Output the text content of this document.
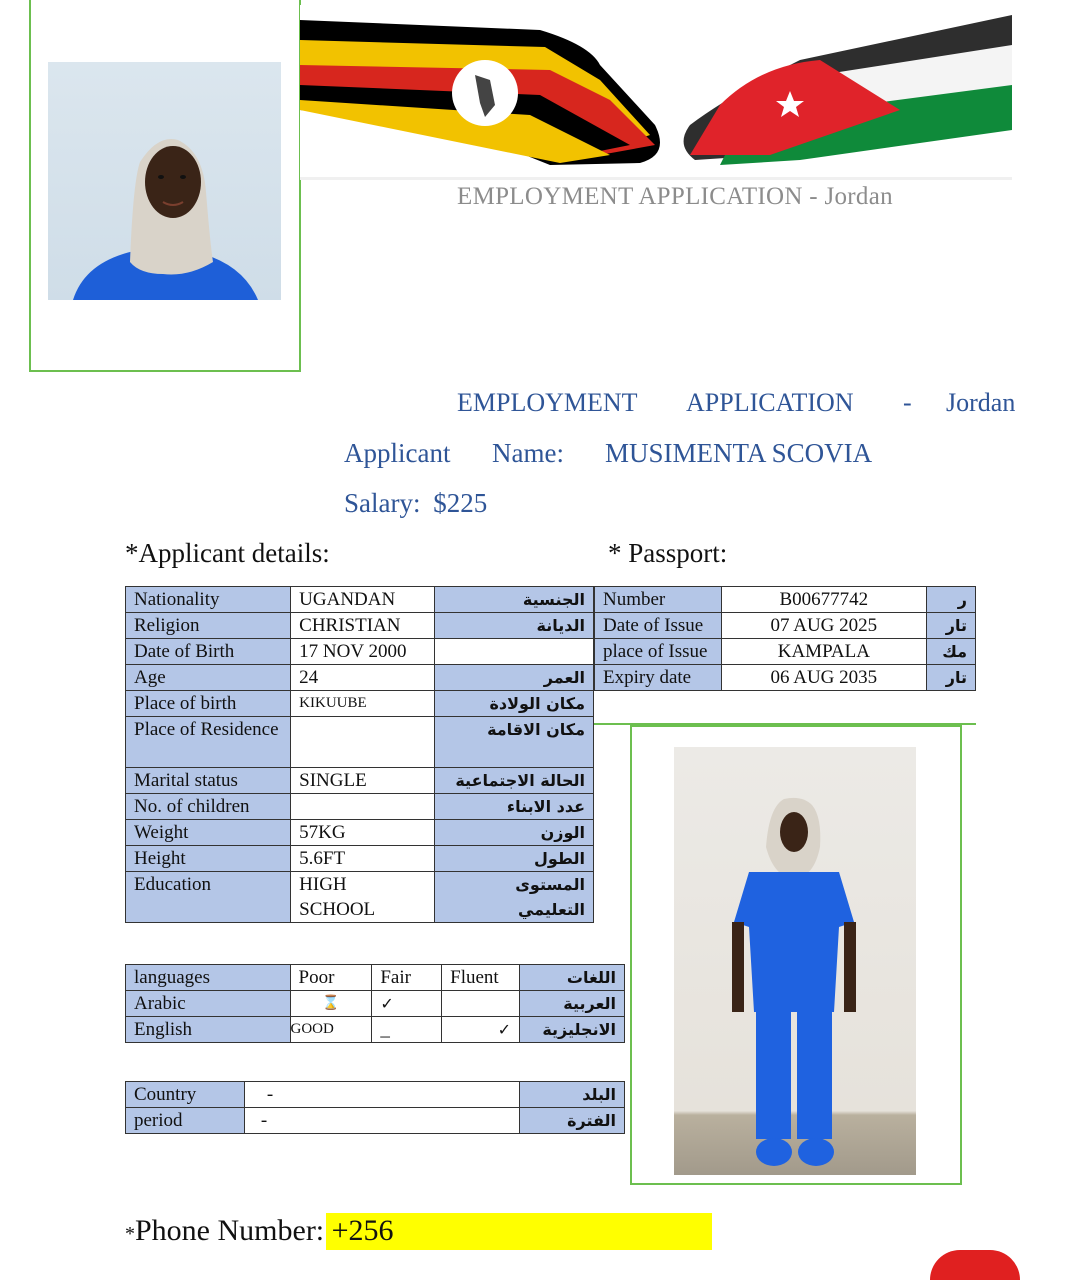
EMPLOYMENT APPLICATION - Jordan
EMPLOYMENT APPLICATION - Jordan
Applicant Name: MUSIMENTA SCOVIA
Salary: $225
*Applicant details:	* Passport:
Nationality	UGANDAN	الجنسية
Religion	CHRISTIAN	الديانة
Date of Birth	17 NOV 2000	
Age	24	العمر
Place of birth	KIKUUBE	مكان الولادة
Place of Residence		مكان الاقامة
Marital status	SINGLE	الحالة الاجتماعية
No. of children		عدد الابناء
Weight	57KG	الوزن
Height	5.6FT	الطول
Education	HIGH SCHOOL	المستوى التعليمي
Number	B00677742	ر
Date of Issue	07 AUG 2025	تار
place of Issue	KAMPALA	مك
Expiry date	06 AUG 2035	تار
languages	Poor	Fair	Fluent	اللغات
Arabic	⌛	✓		العربية
English	GOOD	_	✓	الانجليزية
Country	-	البلد
period	-	الفترة
*Phone Number: +256
